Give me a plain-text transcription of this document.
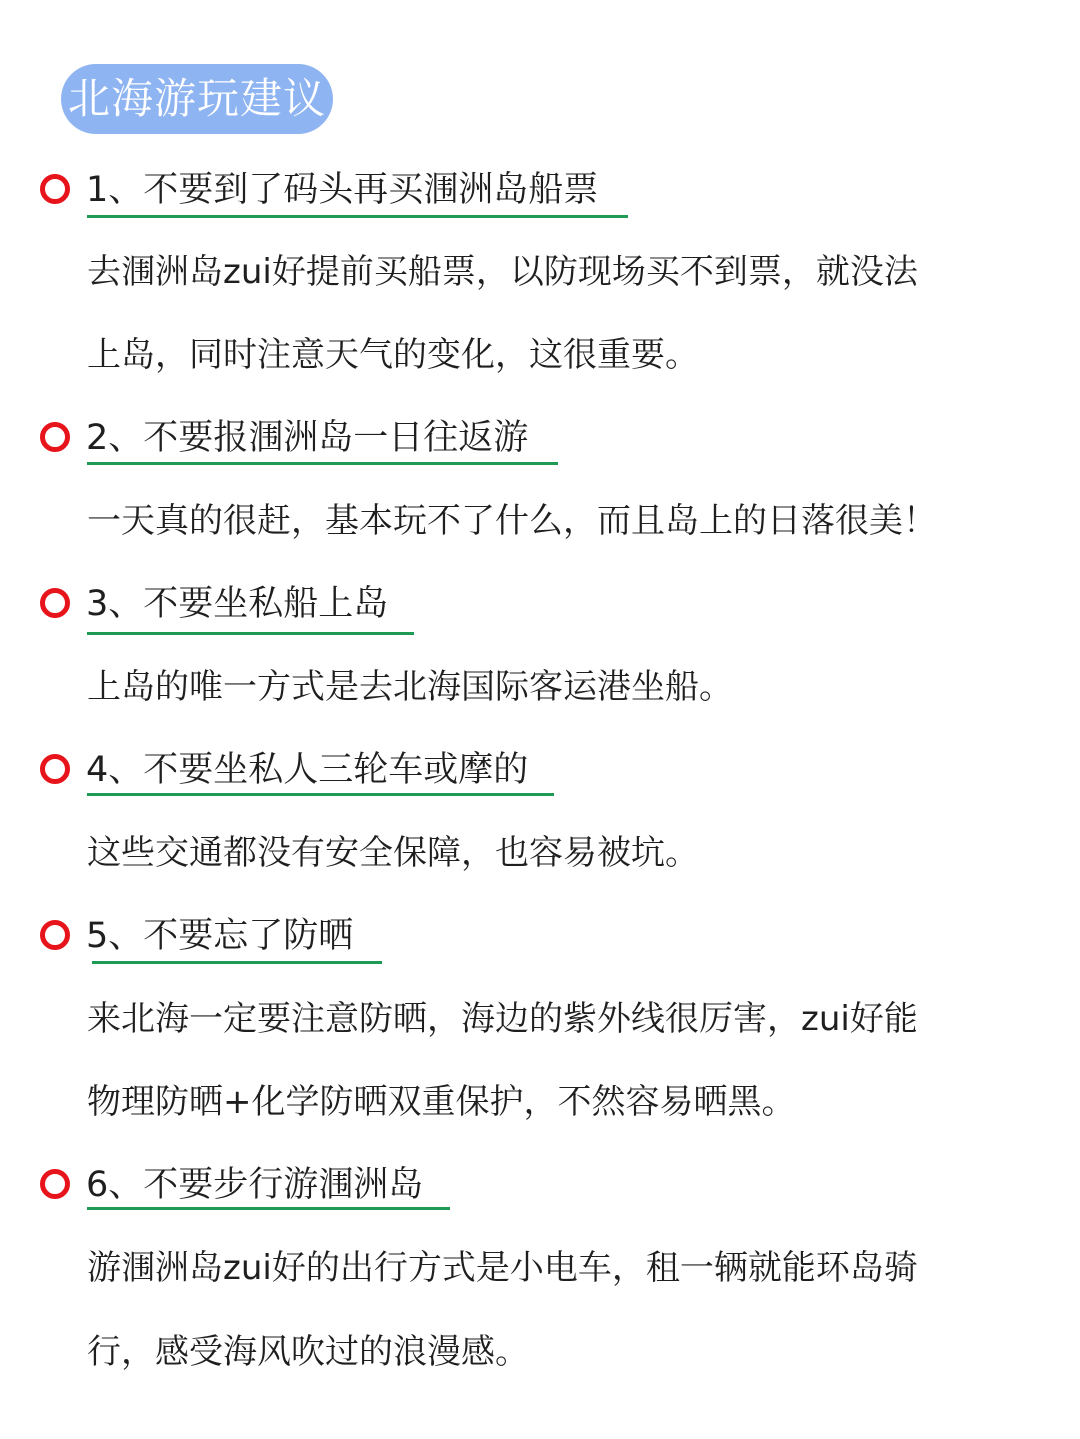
北海游玩建议
1、不要到了码头再买涠洲岛船票
去涠洲岛zui好提前买船票，以防现场买不到票，就没法
上岛，同时注意天气的变化，这很重要。
2、不要报涠洲岛一日往返游
一天真的很赶，基本玩不了什么，而且岛上的日落很美！
3、不要坐私船上岛
上岛的唯一方式是去北海国际客运港坐船。
4、不要坐私人三轮车或摩的
这些交通都没有安全保障，也容易被坑。
5、不要忘了防晒
来北海一定要注意防晒，海边的紫外线很厉害，zui好能
物理防晒+化学防晒双重保护，不然容易晒黑。
6、不要步行游涠洲岛
游涠洲岛zui好的出行方式是小电车，租一辆就能环岛骑
行，感受海风吹过的浪漫感。
